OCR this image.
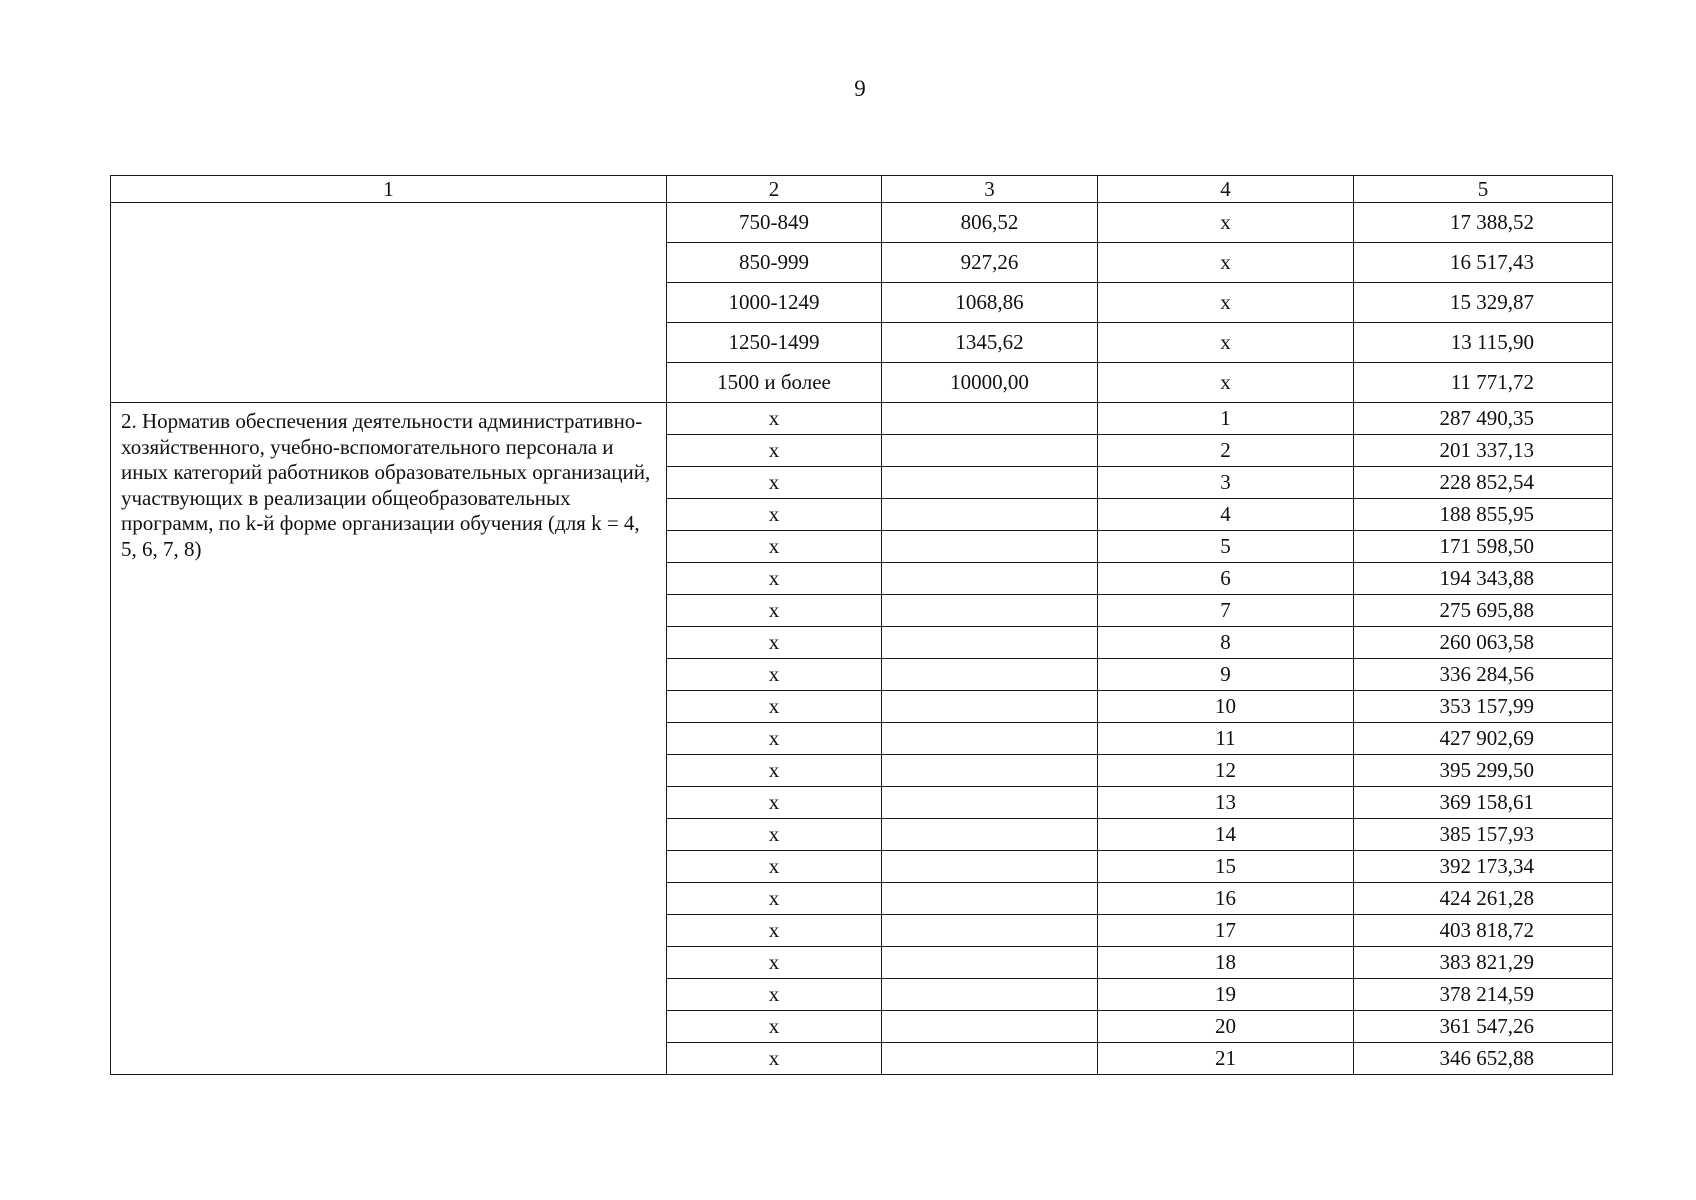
9
1	2	3	4	5
	750-849	806,52	x	17 388,52
	850-999	927,26	x	16 517,43
	1000-1249	1068,86	x	15 329,87
	1250-1499	1345,62	x	13 115,90
	1500 и более	10000,00	x	11 771,72
2. Норматив обеспечения деятельности административно-хозяйственного, учебно-вспомогательного персонала и иных категорий работников образовательных организаций, участвующих в реализации общеобразовательных программ, по k-й форме организации обучения (для k = 4, 5, 6, 7, 8)	x		1	287 490,35
	x		2	201 337,13
	x		3	228 852,54
	x		4	188 855,95
	x		5	171 598,50
	x		6	194 343,88
	x		7	275 695,88
	x		8	260 063,58
	x		9	336 284,56
	x		10	353 157,99
	x		11	427 902,69
	x		12	395 299,50
	x		13	369 158,61
	x		14	385 157,93
	x		15	392 173,34
	x		16	424 261,28
	x		17	403 818,72
	x		18	383 821,29
	x		19	378 214,59
	x		20	361 547,26
	x		21	346 652,88
